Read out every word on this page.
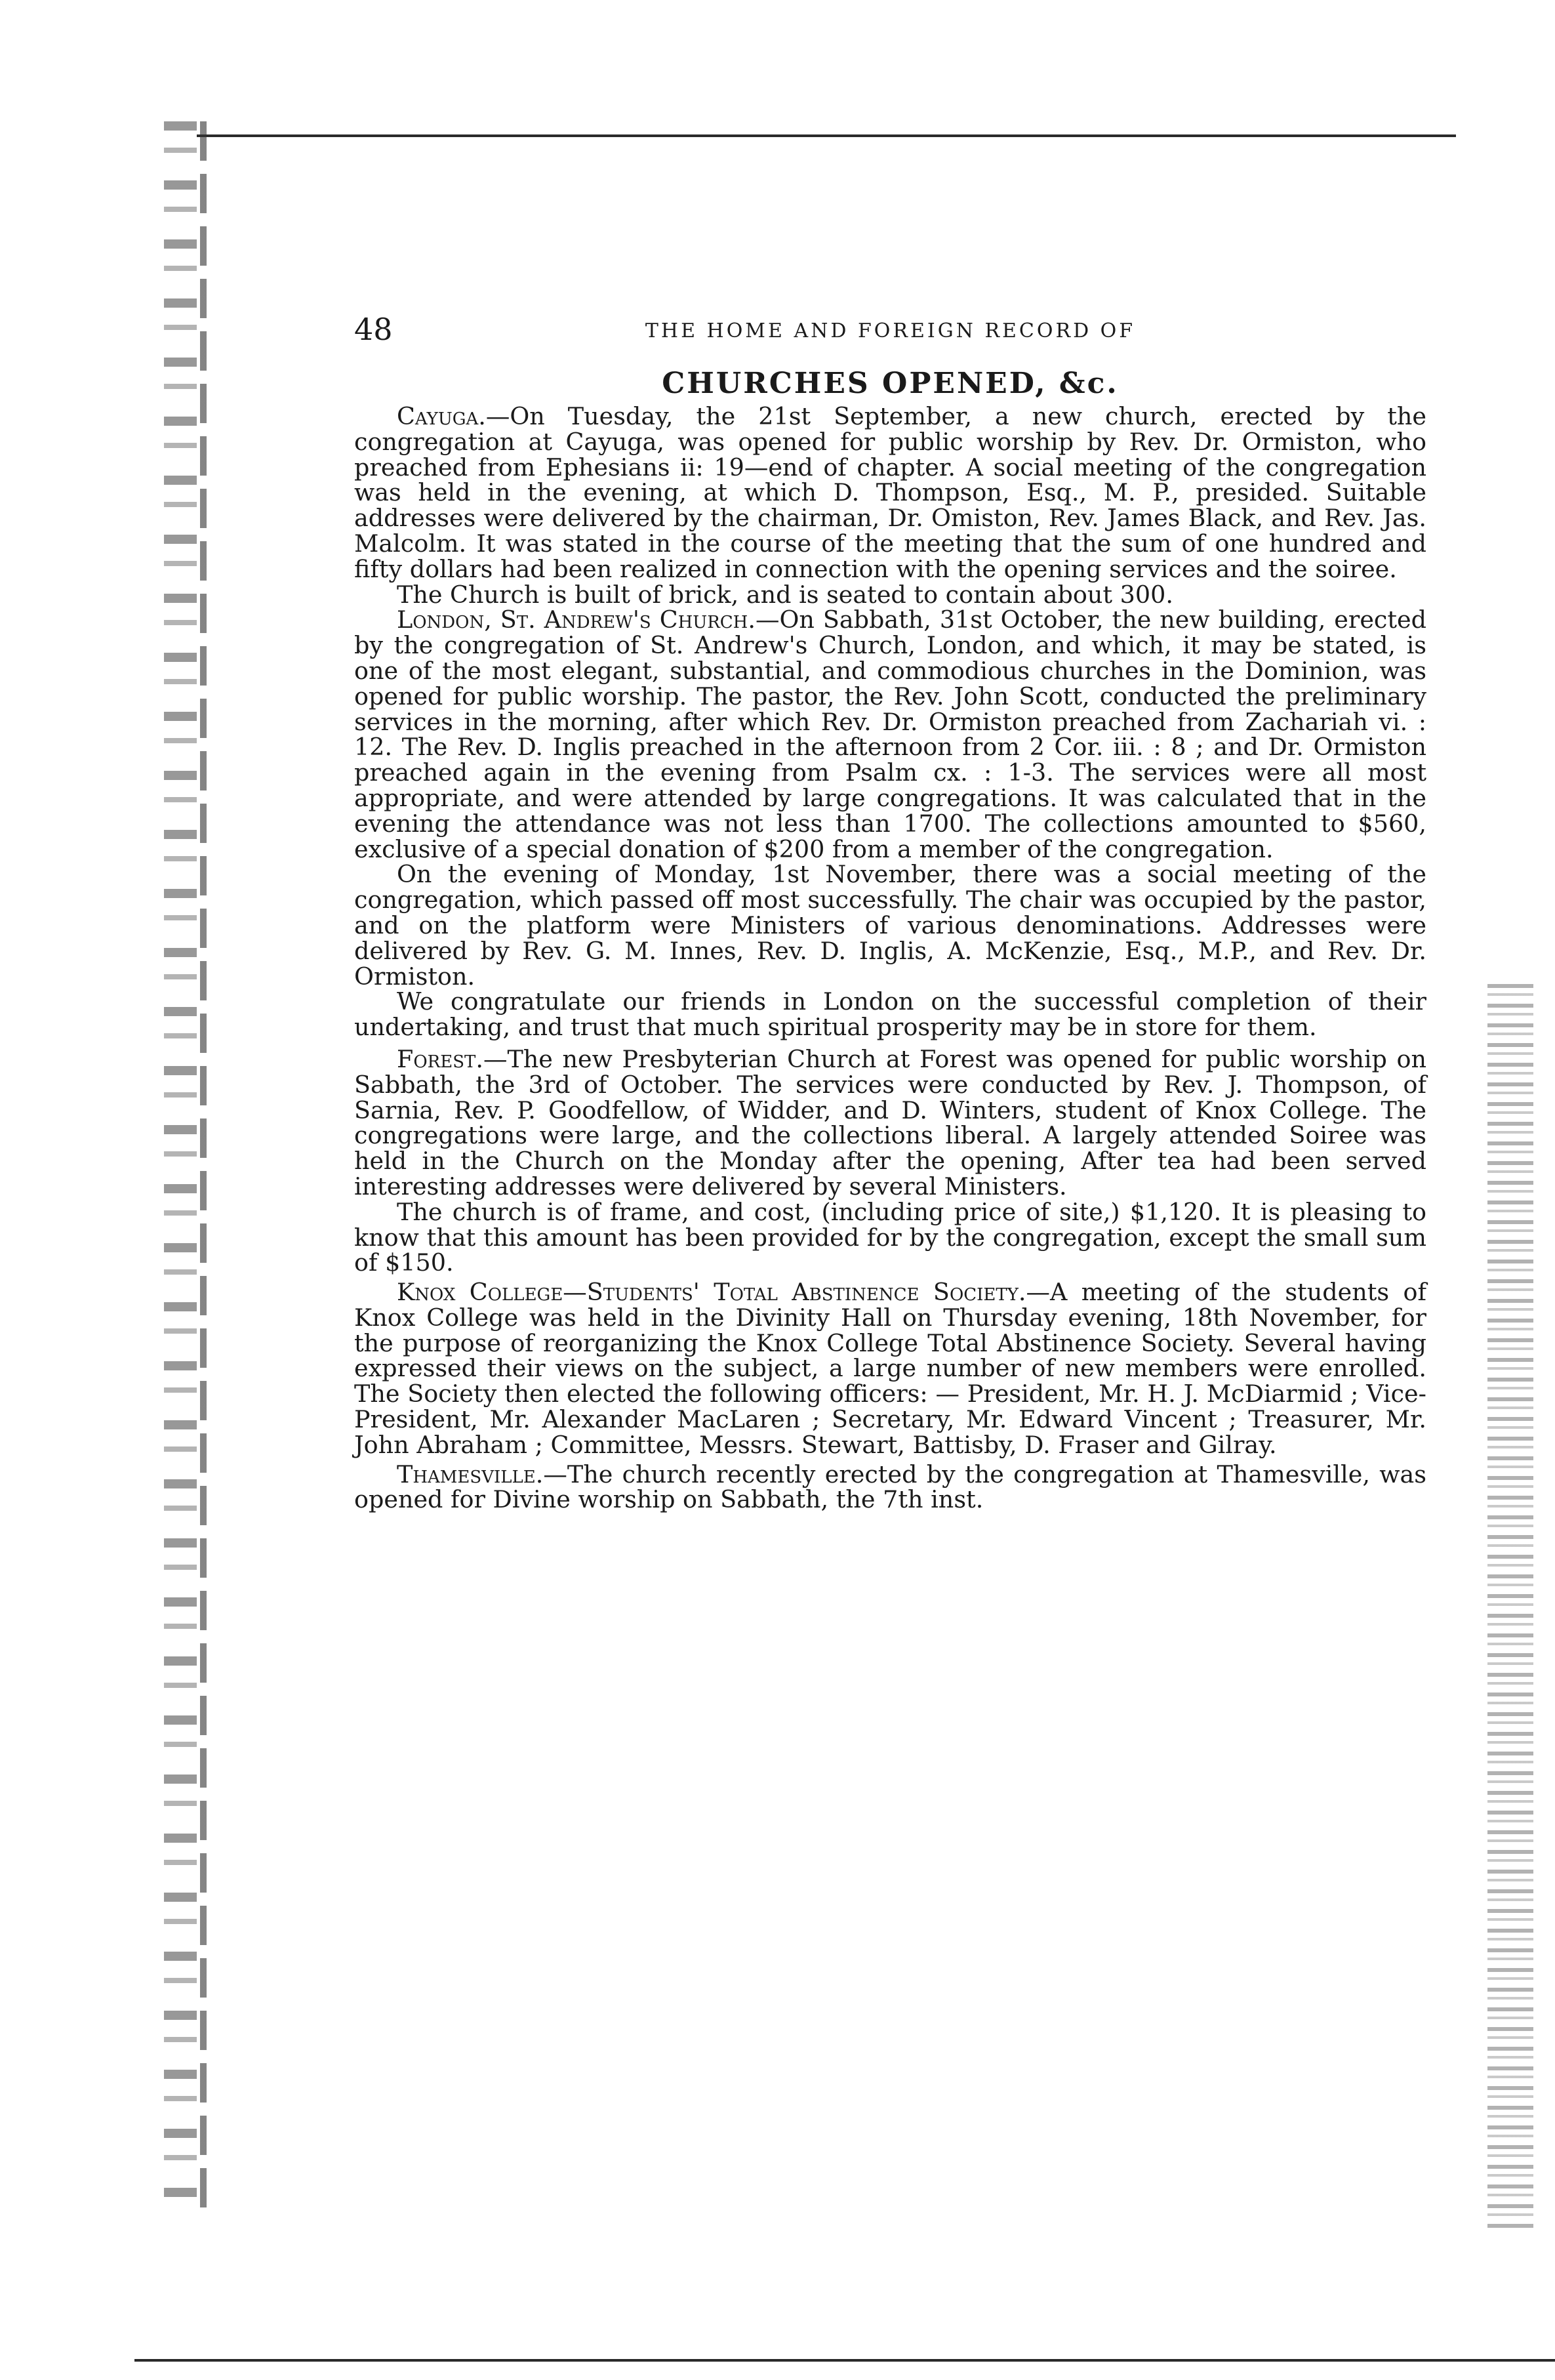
48	THE HOME AND FOREIGN RECORD OF
CHURCHES OPENED, &c.

Cayuga.—On Tuesday, the 21st September, a new church, erected by the congregation at Cayuga, was opened for public worship by Rev. Dr. Ormiston, who preached from Ephesians ii: 19—end of chapter. A social meeting of the congregation was held in the evening, at which D. Thompson, Esq., M. P., presided. Suitable addresses were delivered by the chairman, Dr. Omiston, Rev. James Black, and Rev. Jas. Malcolm. It was stated in the course of the meeting that the sum of one hundred and fifty dollars had been realized in connection with the opening services and the soiree.

The Church is built of brick, and is seated to contain about 300.

London, St. Andrew's Church.—On Sabbath, 31st October, the new building, erected by the congregation of St. Andrew's Church, London, and which, it may be stated, is one of the most elegant, substantial, and commodious churches in the Dominion, was opened for public worship. The pastor, the Rev. John Scott, conducted the preliminary services in the morning, after which Rev. Dr. Ormiston preached from Zachariah vi. : 12. The Rev. D. Inglis preached in the afternoon from 2 Cor. iii. : 8 ; and Dr. Ormiston preached again in the evening from Psalm cx. : 1-3. The services were all most appropriate, and were attended by large congregations. It was calculated that in the evening the attendance was not less than 1700. The collections amounted to $560, exclusive of a special donation of $200 from a member of the congregation.

On the evening of Monday, 1st November, there was a social meeting of the congregation, which passed off most successfully. The chair was occupied by the pastor, and on the platform were Ministers of various denominations. Addresses were delivered by Rev. G. M. Innes, Rev. D. Inglis, A. McKenzie, Esq., M.P., and Rev. Dr. Ormiston.

We congratulate our friends in London on the successful completion of their undertaking, and trust that much spiritual prosperity may be in store for them.

Forest.—The new Presbyterian Church at Forest was opened for public worship on Sabbath, the 3rd of October. The services were conducted by Rev. J. Thompson, of Sarnia, Rev. P. Goodfellow, of Widder, and D. Winters, student of Knox College. The congregations were large, and the collections liberal. A largely attended Soiree was held in the Church on the Monday after the opening, After tea had been served interesting addresses were delivered by several Ministers.

The church is of frame, and cost, (including price of site,) $1,120. It is pleasing to know that this amount has been provided for by the congregation, except the small sum of $150.

Knox College—Students' Total Abstinence Society.—A meeting of the students of Knox College was held in the Divinity Hall on Thursday evening, 18th November, for the purpose of reorganizing the Knox College Total Abstinence Society. Several having expressed their views on the subject, a large number of new members were enrolled. The Society then elected the following officers: — President, Mr. H. J. McDiarmid ; Vice-President, Mr. Alexander MacLaren ; Secretary, Mr. Edward Vincent ; Treasurer, Mr. John Abraham ; Committee, Messrs. Stewart, Battisby, D. Fraser and Gilray.

Thamesville.—The church recently erected by the congregation at Thamesville, was opened for Divine worship on Sabbath, the 7th inst.
